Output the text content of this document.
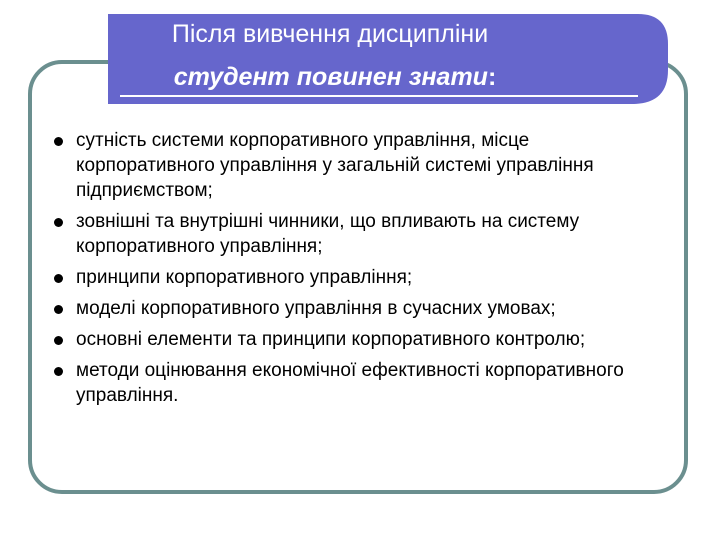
Після вивчення дисципліни
студент повинен знати:
сутність системи корпоративного управління, місце корпоративного управління у загальній системі управління підприємством;
зовнішні та внутрішні чинники, що впливають на систему корпоративного управління;
принципи корпоративного управління;
моделі корпоративного управління в сучасних умовах;
основні елементи та принципи корпоративного контролю;
методи оцінювання економічної ефективності корпоративного управління.
